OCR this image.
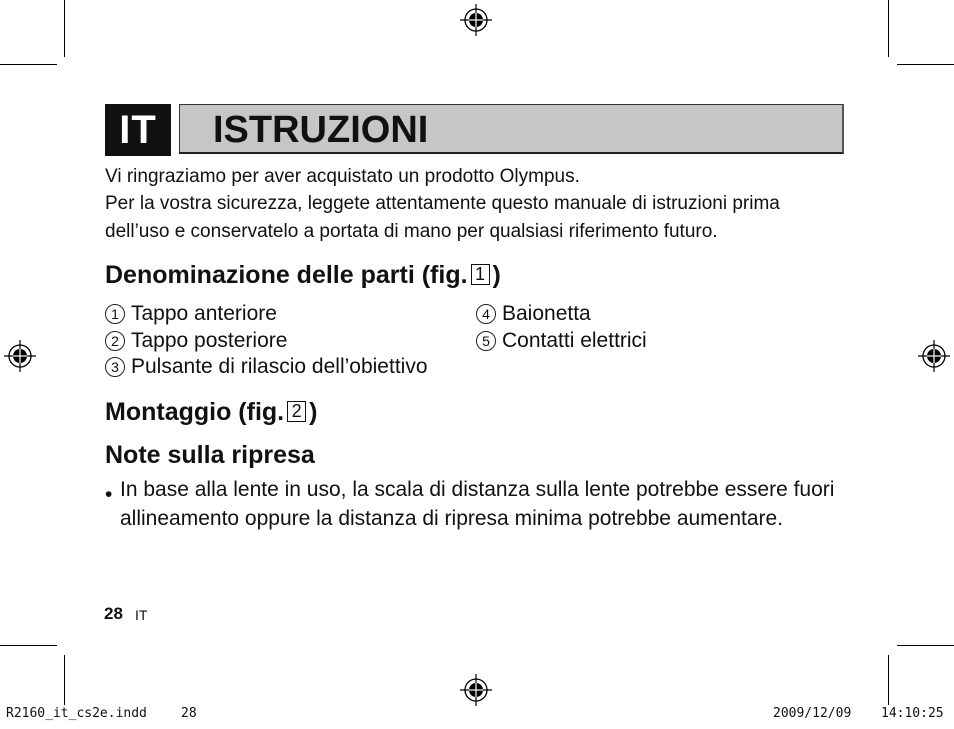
IT	ISTRUZIONI
Vi ringraziamo per aver acquistato un prodotto Olympus.
Per la vostra sicurezza, leggete attentamente questo manuale di istruzioni prima
dell’uso e conservatelo a portata di mano per qualsiasi riferimento futuro.
Denominazione delle parti (fig. 1 )
1 Tappo anteriore
2 Tappo posteriore
3 Pulsante di rilascio dell’obiettivo
4 Baionetta
5 Contatti elettrici
Montaggio (fig. 2 )
Note sulla ripresa
• In base alla lente in uso, la scala di distanza sulla lente potrebbe essere fuori
allineamento oppure la distanza di ripresa minima potrebbe aumentare.
28 IT
R2160_it_cs2e.indd	28	2009/12/09 14:10:25
